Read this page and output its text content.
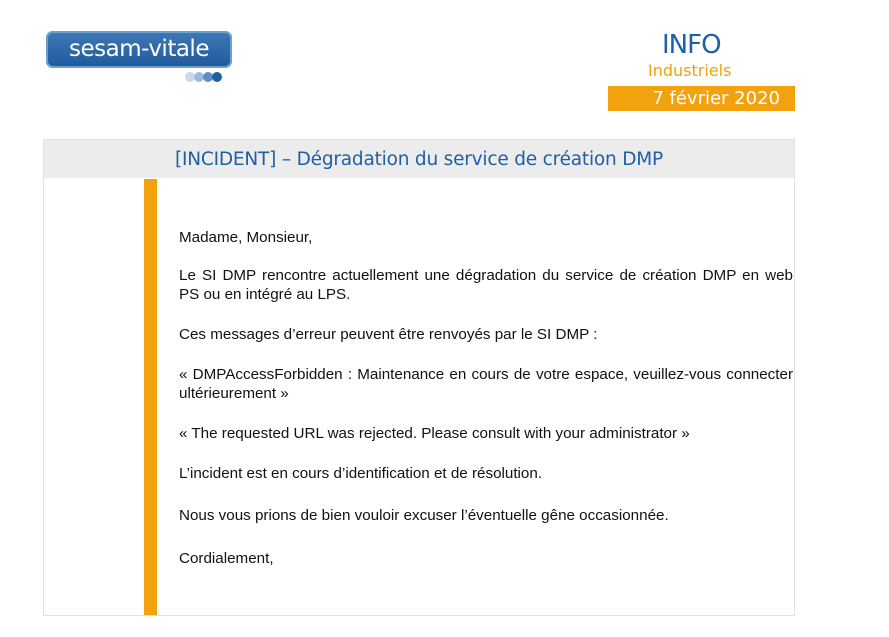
sesam-vitale	INFO
Industriels
7 février 2020
[INCIDENT] – Dégradation du service de création DMP

Madame, Monsieur,

Le SI DMP rencontre actuellement une dégradation du service de création DMP en web PS ou en intégré au LPS.

Ces messages d’erreur peuvent être renvoyés par le SI DMP :

« DMPAccessForbidden : Maintenance en cours de votre espace, veuillez-vous connecter ultérieurement »

« The requested URL was rejected. Please consult with your administrator »

L’incident est en cours d’identification et de résolution.

Nous vous prions de bien vouloir excuser l’éventuelle gêne occasionnée.

Cordialement,
